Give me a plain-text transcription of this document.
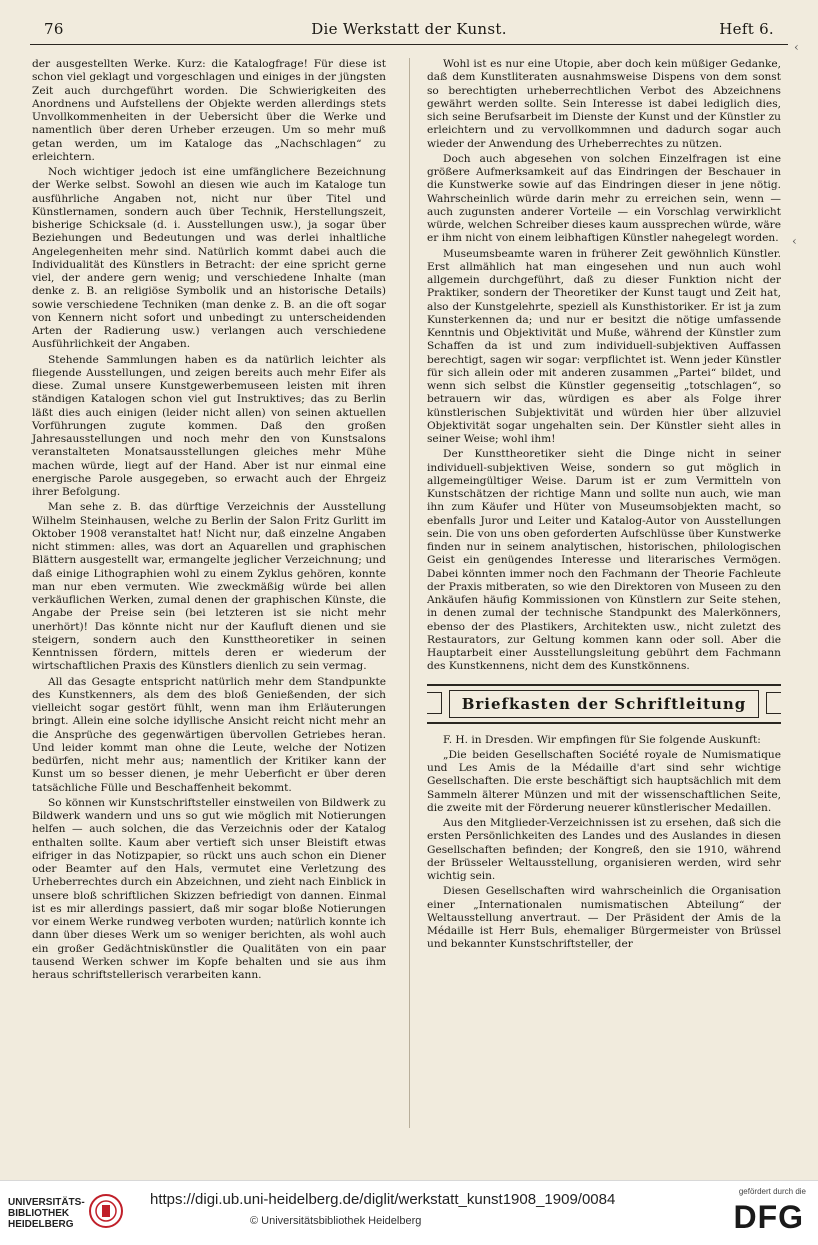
76	Die Werkstatt der Kunst.	Heft 6.

der ausgestellten Werke. Kurz: die Katalogfrage! Für diese ist schon viel geklagt und vorgeschlagen und einiges in der jüngsten Zeit auch durchgeführt worden. Die Schwierigkeiten des Anordnens und Aufstellens der Objekte werden allerdings stets Unvollkommenheiten in der Uebersicht über die Werke und namentlich über deren Urheber erzeugen. Um so mehr muß getan werden, um im Kataloge das „Nachschlagen“ zu erleichtern.

Noch wichtiger jedoch ist eine umfänglichere Bezeichnung der Werke selbst. Sowohl an diesen wie auch im Kataloge tun ausführliche Angaben not, nicht nur über Titel und Künstlernamen, sondern auch über Technik, Herstellungszeit, bisherige Schicksale (d. i. Ausstellungen usw.), ja sogar über Beziehungen und Bedeutungen und was derlei inhaltliche Angelegenheiten mehr sind. Natürlich kommt dabei auch die Individualität des Künstlers in Betracht: der eine spricht gerne viel, der andere gern wenig; und verschiedene Inhalte (man denke z. B. an religiöse Symbolik und an historische Details) sowie verschiedene Techniken (man denke z. B. an die oft sogar von Kennern nicht sofort und unbedingt zu unterscheidenden Arten der Radierung usw.) verlangen auch verschiedene Ausführlichkeit der Angaben.

Stehende Sammlungen haben es da natürlich leichter als fliegende Ausstellungen, und zeigen bereits auch mehr Eifer als diese. Zumal unsere Kunstgewerbemuseen leisten mit ihren ständigen Katalogen schon viel gut Instruktives; das zu Berlin läßt dies auch einigen (leider nicht allen) von seinen aktuellen Vorführungen zugute kommen. Daß den großen Jahresausstellungen und noch mehr den von Kunstsalons veranstalteten Monatsausstellungen gleiches mehr Mühe machen würde, liegt auf der Hand. Aber ist nur einmal eine energische Parole ausgegeben, so erwacht auch der Ehrgeiz ihrer Befolgung.

Man sehe z. B. das dürftige Verzeichnis der Ausstellung Wilhelm Steinhausen, welche zu Berlin der Salon Fritz Gurlitt im Oktober 1908 veranstaltet hat! Nicht nur, daß einzelne Angaben nicht stimmen: alles, was dort an Aquarellen und graphischen Blättern ausgestellt war, ermangelte jeglicher Verzeichnung; und daß einige Lithographien wohl zu einem Zyklus gehören, konnte man nur eben vermuten. Wie zweckmäßig würde bei allen verkäuflichen Werken, zumal denen der graphischen Künste, die Angabe der Preise sein (bei letzteren ist sie nicht mehr unerhört)! Das könnte nicht nur der Kaufluft dienen und sie steigern, sondern auch den Kunsttheoretiker in seinen Kenntnissen fördern, mittels deren er wiederum der wirtschaftlichen Praxis des Künstlers dienlich zu sein vermag.

All das Gesagte entspricht natürlich mehr dem Standpunkte des Kunstkenners, als dem des bloß Genießenden, der sich vielleicht sogar gestört fühlt, wenn man ihm Erläuterungen bringt. Allein eine solche idyllische Ansicht reicht nicht mehr an die Ansprüche des gegenwärtigen übervollen Getriebes heran. Und leider kommt man ohne die Leute, welche der Notizen bedürfen, nicht mehr aus; namentlich der Kritiker kann der Kunst um so besser dienen, je mehr Ueberficht er über deren tatsächliche Fülle und Beschaffenheit bekommt.

So können wir Kunstschriftsteller einstweilen von Bildwerk zu Bildwerk wandern und uns so gut wie möglich mit Notierungen helfen — auch solchen, die das Verzeichnis oder der Katalog enthalten sollte. Kaum aber vertieft sich unser Bleistift etwas eifriger in das Notizpapier, so rückt uns auch schon ein Diener oder Beamter auf den Hals, vermutet eine Verletzung des Urheberrechtes durch ein Abzeichnen, und zieht nach Einblick in unsere bloß schriftlichen Skizzen befriedigt von dannen. Einmal ist es mir allerdings passiert, daß mir sogar bloße Notierungen vor einem Werke rundweg verboten wurden; natürlich konnte ich dann über dieses Werk um so weniger berichten, als wohl auch ein großer Gedächtniskünstler die Qualitäten von ein paar tausend Werken schwer im Kopfe behalten und sie aus ihm heraus schriftstellerisch verarbeiten kann.

Wohl ist es nur eine Utopie, aber doch kein müßiger Gedanke, daß dem Kunstliteraten ausnahmsweise Dispens von dem sonst so berechtigten urheberrechtlichen Verbot des Abzeichnens gewährt werden sollte. Sein Interesse ist dabei lediglich dies, sich seine Berufsarbeit im Dienste der Kunst und der Künstler zu erleichtern und zu vervollkommnen und dadurch sogar auch wieder der Anwendung des Urheberrechtes zu nützen.

Doch auch abgesehen von solchen Einzelfragen ist eine größere Aufmerksamkeit auf das Eindringen der Beschauer in die Kunstwerke sowie auf das Eindringen dieser in jene nötig. Wahrscheinlich würde darin mehr zu erreichen sein, wenn — auch zugunsten anderer Vorteile — ein Vorschlag verwirklicht würde, welchen Schreiber dieses kaum aussprechen würde, wäre er ihm nicht von einem leibhaftigen Künstler nahegelegt worden.

Museumsbeamte waren in früherer Zeit gewöhnlich Künstler. Erst allmählich hat man eingesehen und nun auch wohl allgemein durchgeführt, daß zu dieser Funktion nicht der Praktiker, sondern der Theoretiker der Kunst taugt und Zeit hat, also der Kunstgelehrte, speziell als Kunsthistoriker. Er ist ja zum Kunsterkennen da; und nur er besitzt die nötige umfassende Kenntnis und Objektivität und Muße, während der Künstler zum Schaffen da ist und zum individuell-subjektiven Auffassen berechtigt, sagen wir sogar: verpflichtet ist. Wenn jeder Künstler für sich allein oder mit anderen zusammen „Partei“ bildet, und wenn sich selbst die Künstler gegenseitig „totschlagen“, so betrauern wir das, würdigen es aber als Folge ihrer künstlerischen Subjektivität und würden hier über allzuviel Objektivität sogar ungehalten sein. Der Künstler sieht alles in seiner Weise; wohl ihm!

Der Kunsttheoretiker sieht die Dinge nicht in seiner individuell-subjektiven Weise, sondern so gut möglich in allgemeingültiger Weise. Darum ist er zum Vermitteln von Kunstschätzen der richtige Mann und sollte nun auch, wie man ihn zum Käufer und Hüter von Museumsobjekten macht, so ebenfalls Juror und Leiter und Katalog-Autor von Ausstellungen sein. Die von uns oben geforderten Aufschlüsse über Kunstwerke finden nur in seinem analytischen, historischen, philologischen Geist ein genügendes Interesse und literarisches Vermögen. Dabei könnten immer noch den Fachmann der Theorie Fachleute der Praxis mitberaten, so wie den Direktoren von Museen zu den Ankäufen häufig Kommissionen von Künstlern zur Seite stehen, in denen zumal der technische Standpunkt des Malerkönners, ebenso der des Plastikers, Architekten usw., nicht zuletzt des Restaurators, zur Geltung kommen kann oder soll. Aber die Hauptarbeit einer Ausstellungsleitung gebührt dem Fachmann des Kunstkennens, nicht dem des Kunstkönnens.

Briefkasten der Schriftleitung

F. H. in Dresden. Wir empfingen für Sie folgende Auskunft:

„Die beiden Gesellschaften Société royale de Numismatique und Les Amis de la Médaille d'art sind sehr wichtige Gesellschaften. Die erste beschäftigt sich hauptsächlich mit dem Sammeln älterer Münzen und mit der wissenschaftlichen Seite, die zweite mit der Förderung neuerer künstlerischer Medaillen.

Aus den Mitglieder-Verzeichnissen ist zu ersehen, daß sich die ersten Persönlichkeiten des Landes und des Auslandes in diesen Gesellschaften befinden; der Kongreß, den sie 1910, während der Brüsseler Weltausstellung, organisieren werden, wird sehr wichtig sein.

Diesen Gesellschaften wird wahrscheinlich die Organisation einer „Internationalen numismatischen Abteilung“ der Weltausstellung anvertraut. — Der Präsident der Amis de la Médaille ist Herr Buls, ehemaliger Bürgermeister von Brüssel und bekannter Kunstschriftsteller, der

‹
‹
UNIVERSITÄTS-
BIBLIOTHEK
HEIDELBERG
https://digi.ub.uni-heidelberg.de/diglit/werkstatt_kunst1908_1909/0084
© Universitätsbibliothek Heidelberg
gefördert durch die
DFG
